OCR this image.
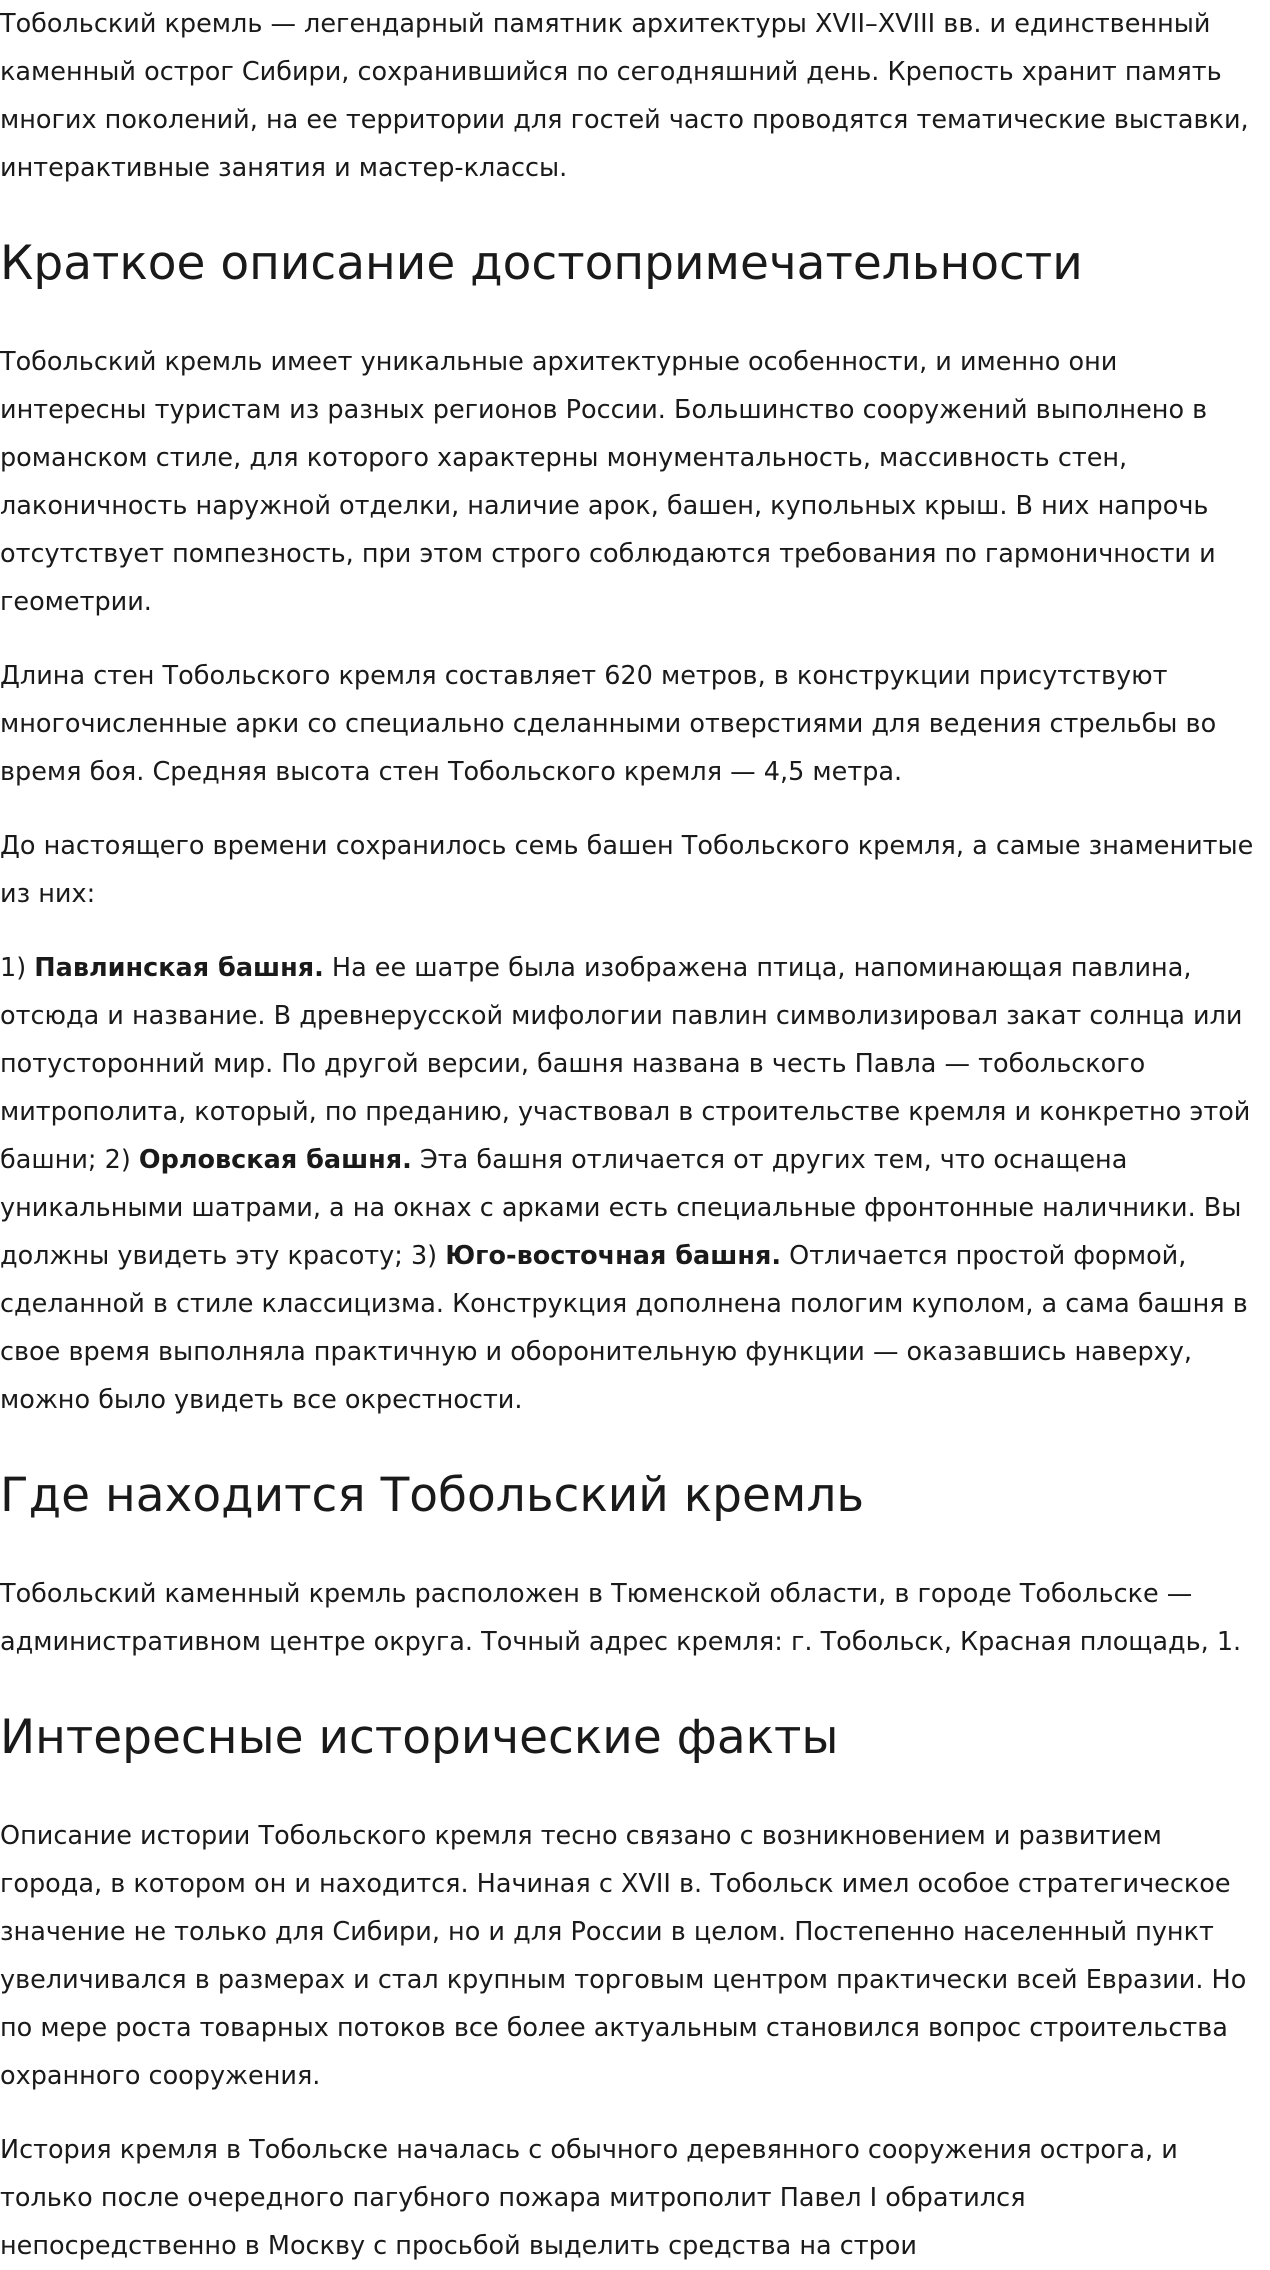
Тобольский кремль — легендарный памятник архитектуры XVII–XVIII вв. и единственный каменный острог Сибири, сохранившийся по сегодняшний день. Крепость хранит память многих поколений, на ее территории для гостей часто проводятся тематические выставки, интерактивные занятия и мастер-классы.

Краткое описание достопримечательности

Тобольский кремль имеет уникальные архитектурные особенности, и именно они интересны туристам из разных регионов России. Большинство сооружений выполнено в романском стиле, для которого характерны монументальность, массивность стен, лаконичность наружной отделки, наличие арок, башен, купольных крыш. В них напрочь отсутствует помпезность, при этом строго соблюдаются требования по гармоничности и геометрии.

Длина стен Тобольского кремля составляет 620 метров, в конструкции присутствуют многочисленные арки со специально сделанными отверстиями для ведения стрельбы во время боя. Средняя высота стен Тобольского кремля — 4,5 метра.

До настоящего времени сохранилось семь башен Тобольского кремля, а самые знаменитые из них:

1) Павлинская башня. На ее шатре была изображена птица, напоминающая павлина, отсюда и название. В древнерусской мифологии павлин символизировал закат солнца или потусторонний мир. По другой версии, башня названа в честь Павла — тобольского митрополита, который, по преданию, участвовал в строительстве кремля и конкретно этой башни; 2) Орловская башня. Эта башня отличается от других тем, что оснащена уникальными шатрами, а на окнах с арками есть специальные фронтонные наличники. Вы должны увидеть эту красоту; 3) Юго-восточная башня. Отличается простой формой, сделанной в стиле классицизма. Конструкция дополнена пологим куполом, а сама башня в свое время выполняла практичную и оборонительную функции — оказавшись наверху, можно было увидеть все окрестности.

Где находится Тобольский кремль

Тобольский каменный кремль расположен в Тюменской области, в городе Тобольске — административном центре округа. Точный адрес кремля: г. Тобольск, Красная площадь, 1.

Интересные исторические факты

Описание истории Тобольского кремля тесно связано с возникновением и развитием города, в котором он и находится. Начиная с XVII в. Тобольск имел особое стратегическое значение не только для Сибири, но и для России в целом. Постепенно населенный пункт увеличивался в размерах и стал крупным торговым центром практически всей Евразии. Но по мере роста товарных потоков все более актуальным становился вопрос строительства охранного сооружения.

История кремля в Тобольске началась с обычного деревянного сооружения острога, и только после очередного пагубного пожара митрополит Павел I обратился непосредственно в Москву с просьбой выделить средства на строи
